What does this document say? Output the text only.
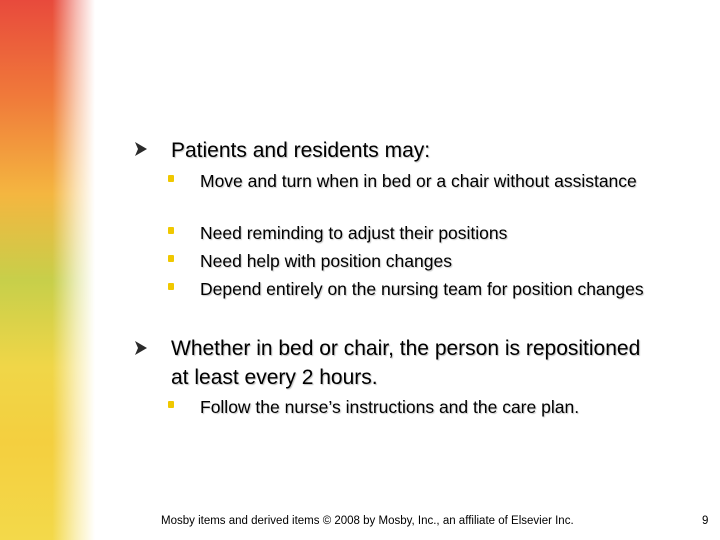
Patients and residents may:
Move and turn when in bed or a chair without assistance
Need reminding to adjust their positions
Need help with position changes
Depend entirely on the nursing team for position changes
Whether in bed or chair, the person is repositioned at least every 2 hours.
Follow the nurse’s instructions and the care plan.
Mosby items and derived items © 2008 by Mosby, Inc., an affiliate of Elsevier Inc.	9
